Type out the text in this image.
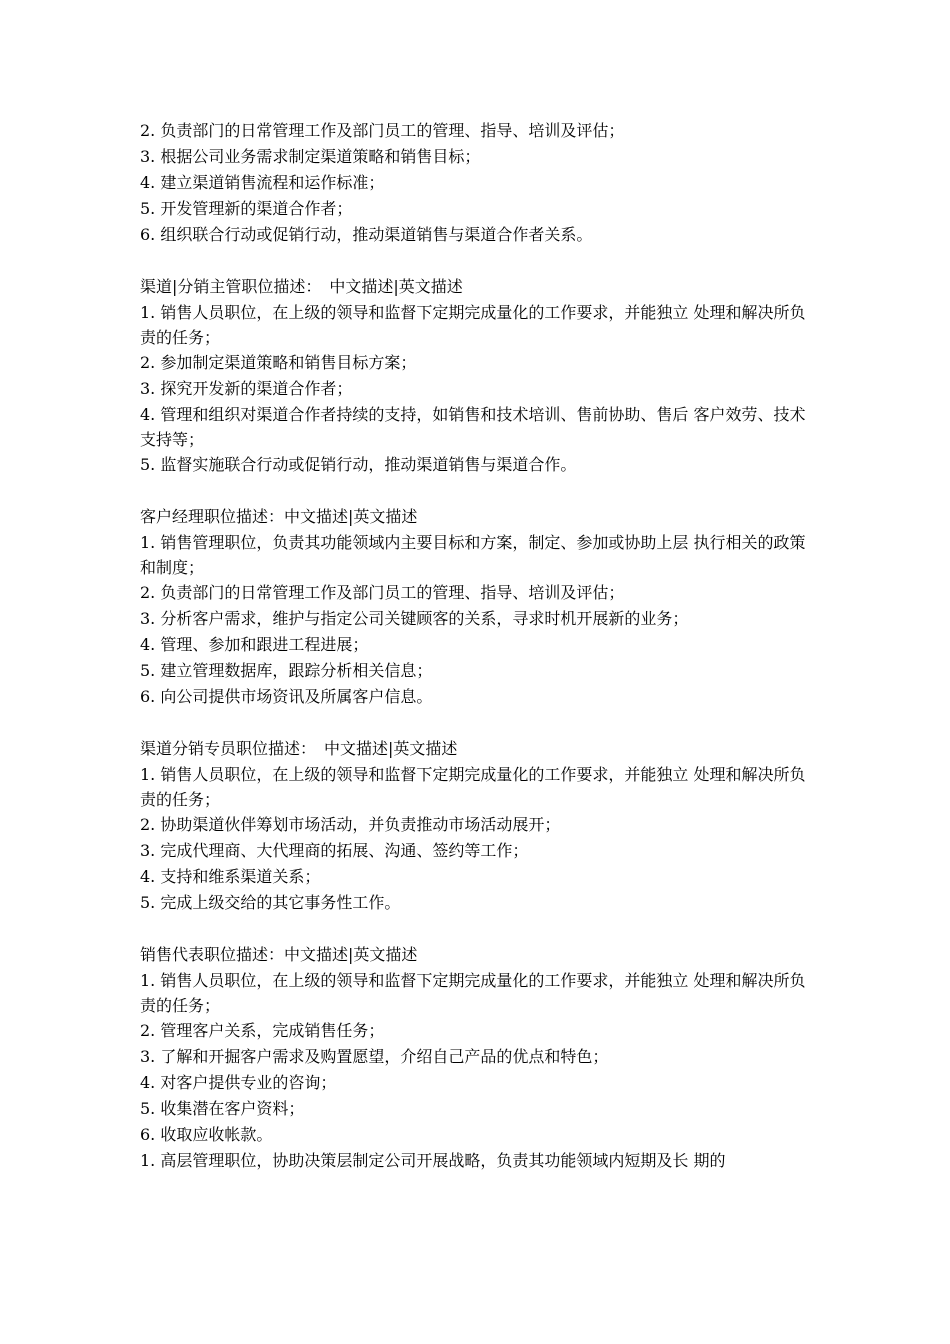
2. 负责部门的日常管理工作及部门员工的管理、指导、培训及评估；
3. 根据公司业务需求制定渠道策略和销售目标；
4. 建立渠道销售流程和运作标准；
5. 开发管理新的渠道合作者；
6. 组织联合行动或促销行动，推动渠道销售与渠道合作者关系。
渠道|分销主管职位描述：　中文描述|英文描述
1. 销售人员职位，在上级的领导和监督下定期完成量化的工作要求，并能独立 处理和解决所负责的任务；
2. 参加制定渠道策略和销售目标方案；
3. 探究开发新的渠道合作者；
4. 管理和组织对渠道合作者持续的支持，如销售和技术培训、售前协助、售后 客户效劳、技术支持等；
5. 监督实施联合行动或促销行动，推动渠道销售与渠道合作。
客户经理职位描述：中文描述|英文描述
1. 销售管理职位，负责其功能领域内主要目标和方案，制定、参加或协助上层 执行相关的政策和制度；
2. 负责部门的日常管理工作及部门员工的管理、指导、培训及评估；
3. 分析客户需求，维护与指定公司关键顾客的关系，寻求时机开展新的业务；
4. 管理、参加和跟进工程进展；
5. 建立管理数据库，跟踪分析相关信息；
6. 向公司提供市场资讯及所属客户信息。
渠道分销专员职位描述：　中文描述|英文描述
1. 销售人员职位，在上级的领导和监督下定期完成量化的工作要求，并能独立 处理和解决所负责的任务；
2. 协助渠道伙伴筹划市场活动，并负责推动市场活动展开；
3. 完成代理商、大代理商的拓展、沟通、签约等工作；
4. 支持和维系渠道关系；
5. 完成上级交给的其它事务性工作。
销售代表职位描述：中文描述|英文描述
1. 销售人员职位，在上级的领导和监督下定期完成量化的工作要求，并能独立 处理和解决所负责的任务；
2. 管理客户关系，完成销售任务；
3. 了解和开掘客户需求及购置愿望，介绍自己产品的优点和特色；
4. 对客户提供专业的咨询；
5. 收集潜在客户资料；
6. 收取应收帐款。
1. 高层管理职位，协助决策层制定公司开展战略，负责其功能领域内短期及长 期的
